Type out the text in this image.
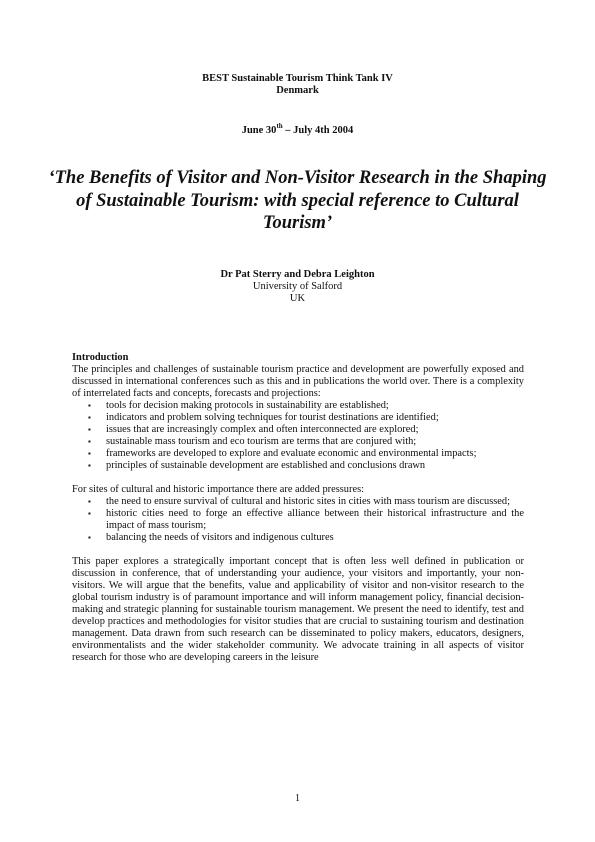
BEST Sustainable Tourism Think Tank IV
Denmark
June 30th – July 4th 2004
‘The Benefits of Visitor and Non-Visitor Research in the Shaping of Sustainable Tourism: with special reference to Cultural Tourism’
Dr Pat Sterry and Debra Leighton
University of Salford
UK
Introduction

The principles and challenges of sustainable tourism practice and development are powerfully exposed and discussed in international conferences such as this and in publications the world over. There is a complexity of interrelated facts and concepts, forecasts and projections:

▪ tools for decision making protocols in sustainability are established;
▪ indicators and problem solving techniques for tourist destinations are identified;
▪ issues that are increasingly complex and often interconnected are explored;
▪ sustainable mass tourism and eco tourism are terms that are conjured with;
▪ frameworks are developed to explore and evaluate economic and environmental impacts;
▪ principles of sustainable development are established and conclusions drawn

For sites of cultural and historic importance there are added pressures:

▪ the need to ensure survival of cultural and historic sites in cities with mass tourism are discussed;
▪ historic cities need to forge an effective alliance between their historical infrastructure and the impact of mass tourism;
▪ balancing the needs of visitors and indigenous cultures

This paper explores a strategically important concept that is often less well defined in publication or discussion in conference, that of understanding your audience, your visitors and importantly, your non-visitors. We will argue that the benefits, value and applicability of visitor and non-visitor research to the global tourism industry is of paramount importance and will inform management policy, financial decision-making and strategic planning for sustainable tourism management. We present the need to identify, test and develop practices and methodologies for visitor studies that are crucial to sustaining tourism and destination management. Data drawn from such research can be disseminated to policy makers, educators, designers, environmentalists and the wider stakeholder community. We advocate training in all aspects of visitor research for those who are developing careers in the leisure

1
